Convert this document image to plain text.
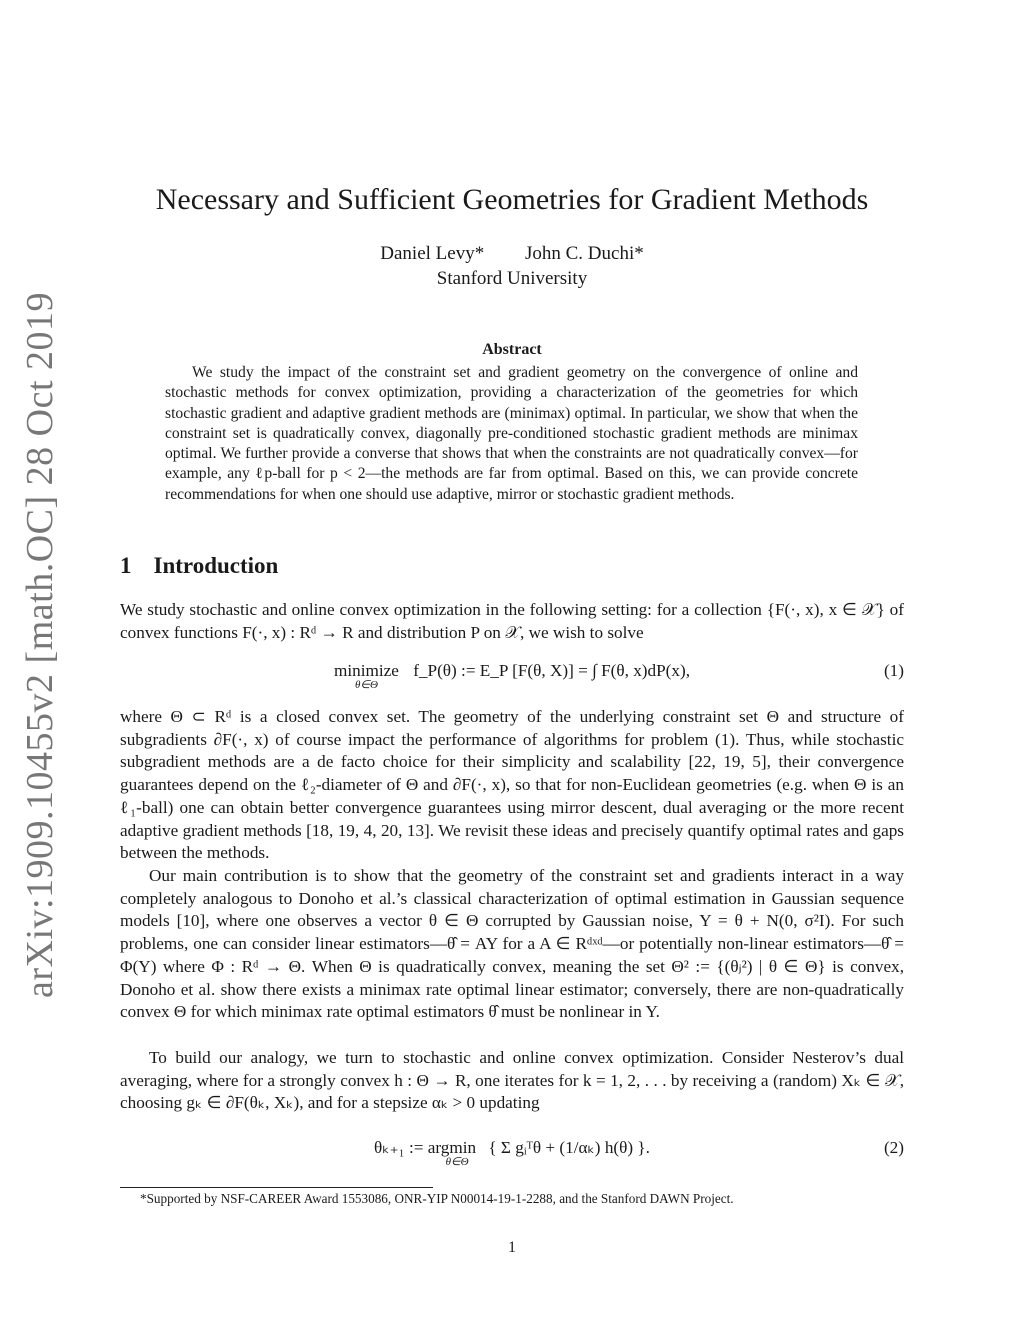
arXiv:1909.10455v2 [math.OC] 28 Oct 2019
Necessary and Sufficient Geometries for Gradient Methods
Daniel Levy* John C. Duchi*
Stanford University
Abstract
We study the impact of the constraint set and gradient geometry on the convergence of online and stochastic methods for convex optimization, providing a characterization of the geometries for which stochastic gradient and adaptive gradient methods are (minimax) optimal. In particular, we show that when the constraint set is quadratically convex, diagonally pre-conditioned stochastic gradient methods are minimax optimal. We further provide a converse that shows that when the constraints are not quadratically convex—for example, any ℓp-ball for p < 2—the methods are far from optimal. Based on this, we can provide concrete recommendations for when one should use adaptive, mirror or stochastic gradient methods.
1 Introduction

We study stochastic and online convex optimization in the following setting: for a collection {F(·, x), x ∈ 𝒳} of convex functions F(·, x) : Rᵈ → R and distribution P on 𝒳, we wish to solve

minimize
θ∈Θ
f_P(θ) := E_P [F(θ, X)] = ∫ F(θ, x)dP(x),	(1)

where Θ ⊂ Rᵈ is a closed convex set. The geometry of the underlying constraint set Θ and structure of subgradients ∂F(·, x) of course impact the performance of algorithms for problem (1). Thus, while stochastic subgradient methods are a de facto choice for their simplicity and scalability [22, 19, 5], their convergence guarantees depend on the ℓ₂-diameter of Θ and ∂F(·, x), so that for non-Euclidean geometries (e.g. when Θ is an ℓ₁-ball) one can obtain better convergence guarantees using mirror descent, dual averaging or the more recent adaptive gradient methods [18, 19, 4, 20, 13]. We revisit these ideas and precisely quantify optimal rates and gaps between the methods.

Our main contribution is to show that the geometry of the constraint set and gradients interact in a way completely analogous to Donoho et al.’s classical characterization of optimal estimation in Gaussian sequence models [10], where one observes a vector θ ∈ Θ corrupted by Gaussian noise, Y = θ + N(0, σ²I). For such problems, one can consider linear estimators—θ̂ = AY for a A ∈ Rᵈˣᵈ—or potentially non-linear estimators—θ̂ = Φ(Y) where Φ : Rᵈ → Θ. When Θ is quadratically convex, meaning the set Θ² := {(θⱼ²) | θ ∈ Θ} is convex, Donoho et al. show there exists a minimax rate optimal linear estimator; conversely, there are non-quadratically convex Θ for which minimax rate optimal estimators θ̂ must be nonlinear in Y.

To build our analogy, we turn to stochastic and online convex optimization. Consider Nesterov’s dual averaging, where for a strongly convex h : Θ → R, one iterates for k = 1, 2, . . . by receiving a (random) Xₖ ∈ 𝒳, choosing gₖ ∈ ∂F(θₖ, Xₖ), and for a stepsize αₖ > 0 updating

θₖ₊₁ := argmin
θ∈Θ
{ Σ gᵢᵀθ + (1/αₖ) h(θ) }.	(2)
*Supported by NSF-CAREER Award 1553086, ONR-YIP N00014-19-1-2288, and the Stanford DAWN Project.
1
